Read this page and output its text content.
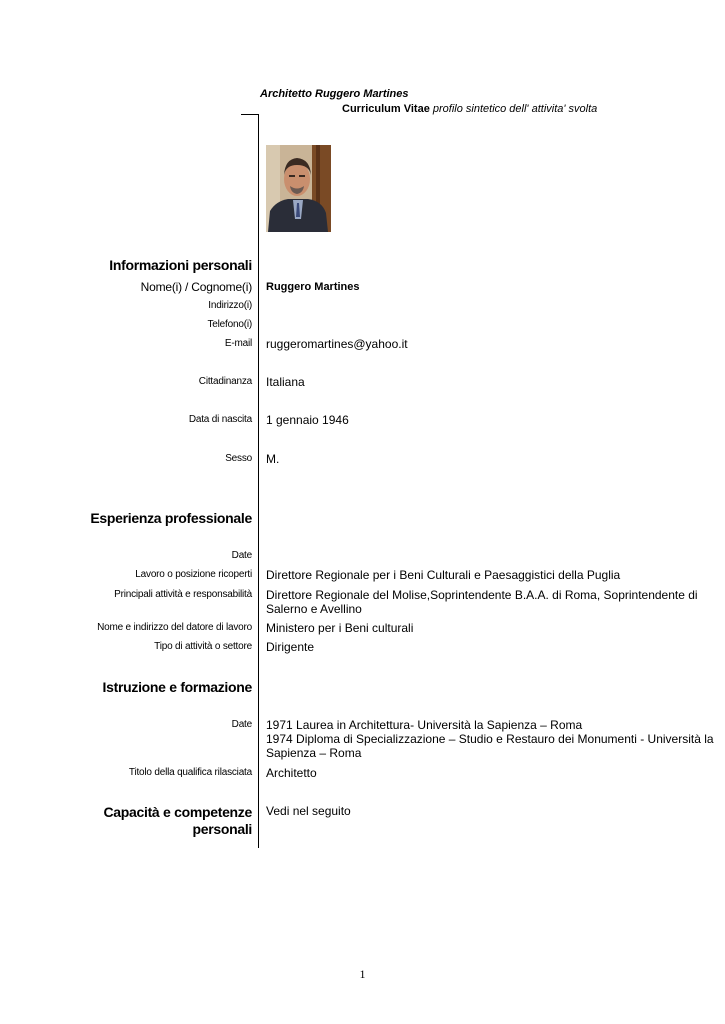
Architetto Ruggero Martines
Curriculum Vitae profilo sintetico dell' attivita' svolta
Informazioni personali
Nome(i) / Cognome(i) Ruggero Martines
Indirizzo(i)
Telefono(i)
E-mail ruggeromartines@yahoo.it
Cittadinanza Italiana
Data di nascita 1 gennaio 1946
Sesso M.
Esperienza professionale
Date
Lavoro o posizione ricoperti Direttore Regionale per i Beni Culturali e Paesaggistici della Puglia
Principali attività e responsabilità Direttore Regionale del Molise,Soprintendente B.A.A. di Roma, Soprintendente di Salerno e Avellino
Nome e indirizzo del datore di lavoro Ministero per i Beni culturali
Tipo di attività o settore Dirigente
Istruzione e formazione
Date 1971 Laurea in Architettura- Università la Sapienza – Roma
1974 Diploma di Specializzazione – Studio e Restauro dei Monumenti - Università la Sapienza – Roma
Titolo della qualifica rilasciata Architetto
Capacità e competenze personali
Vedi nel seguito
1
